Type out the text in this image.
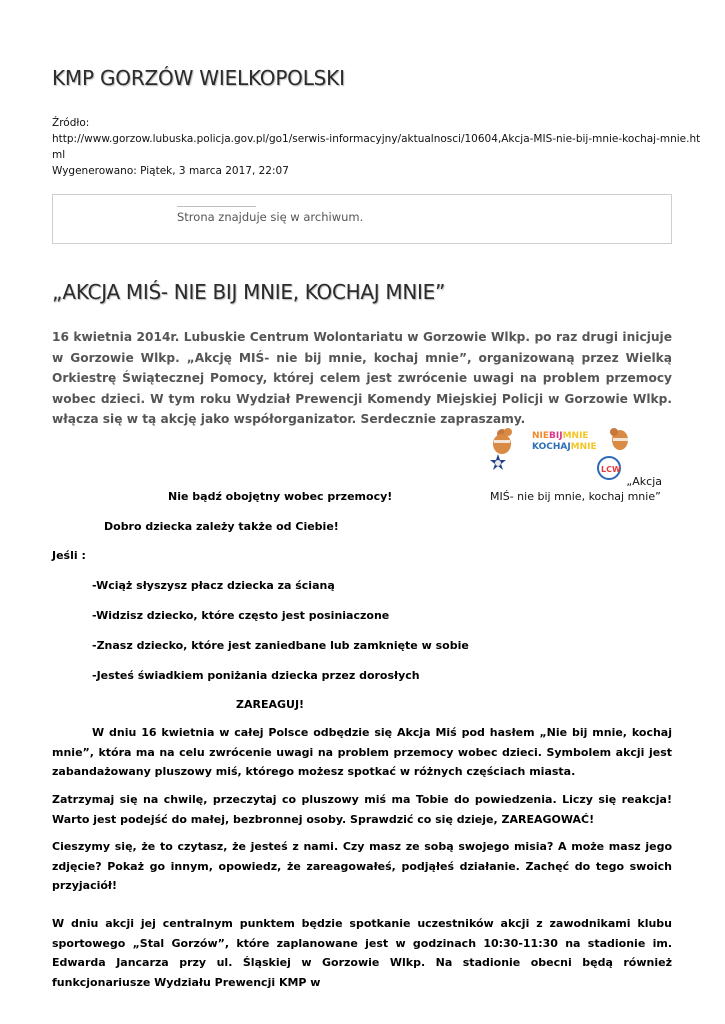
KMP GORZÓW WIELKOPOLSKI
Źródło:
http://www.gorzow.lubuska.policja.gov.pl/go1/serwis-informacyjny/aktualnosci/10604,Akcja-MIS-nie-bij-mnie-kochaj-mnie.ht
ml
Wygenerowano: Piątek, 3 marca 2017, 22:07
Strona znajduje się w archiwum.
„AKCJA MIŚ- NIE BIJ MNIE, KOCHAJ MNIE”
16 kwietnia 2014r. Lubuskie Centrum Wolontariatu w Gorzowie Wlkp. po raz drugi inicjuje w Gorzowie Wlkp. „Akcję MIŚ- nie bij mnie, kochaj mnie”, organizowaną przez Wielką Orkiestrę Świątecznej Pomocy, której celem jest zwrócenie uwagi na problem przemocy wobec dzieci. W tym roku Wydział Prewencji Komendy Miejskiej Policji w Gorzowie Wlkp. włącza się w tą akcję jako współorganizator. Serdecznie zapraszamy.
NIEBIJMNIE
KOCHAJMNIE
LCW
„Akcja
MIŚ- nie bij mnie, kochaj mnie”
Nie bądź obojętny wobec przemocy!
Dobro dziecka zależy także od Ciebie!
Jeśli :
-Wciąż słyszysz płacz dziecka za ścianą
-Widzisz dziecko, które często jest posiniaczone
-Znasz dziecko, które jest zaniedbane lub zamknięte w sobie
-Jesteś świadkiem poniżania dziecka przez dorosłych
ZAREAGUJ!
W dniu 16 kwietnia w całej Polsce odbędzie się Akcja Miś pod hasłem „Nie bij mnie, kochaj mnie”, która ma na celu zwrócenie uwagi na problem przemocy wobec dzieci. Symbolem akcji jest zabandażowany pluszowy miś, którego możesz spotkać w różnych częściach miasta.
Zatrzymaj się na chwilę, przeczytaj co pluszowy miś ma Tobie do powiedzenia. Liczy się reakcja! Warto jest podejść do małej, bezbronnej osoby. Sprawdzić co się dzieje, ZAREAGOWAĆ!
Cieszymy się, że to czytasz, że jesteś z nami. Czy masz ze sobą swojego misia? A może masz jego zdjęcie? Pokaż go innym, opowiedz, że zareagowałeś, podjąłeś działanie. Zachęć do tego swoich przyjaciół!
W dniu akcji jej centralnym punktem będzie spotkanie uczestników akcji z zawodnikami klubu sportowego „Stal Gorzów”, które zaplanowane jest w godzinach 10:30-11:30 na stadionie im. Edwarda Jancarza przy ul. Śląskiej w Gorzowie Wlkp. Na stadionie obecni będą również funkcjonariusze Wydziału Prewencji KMP w
